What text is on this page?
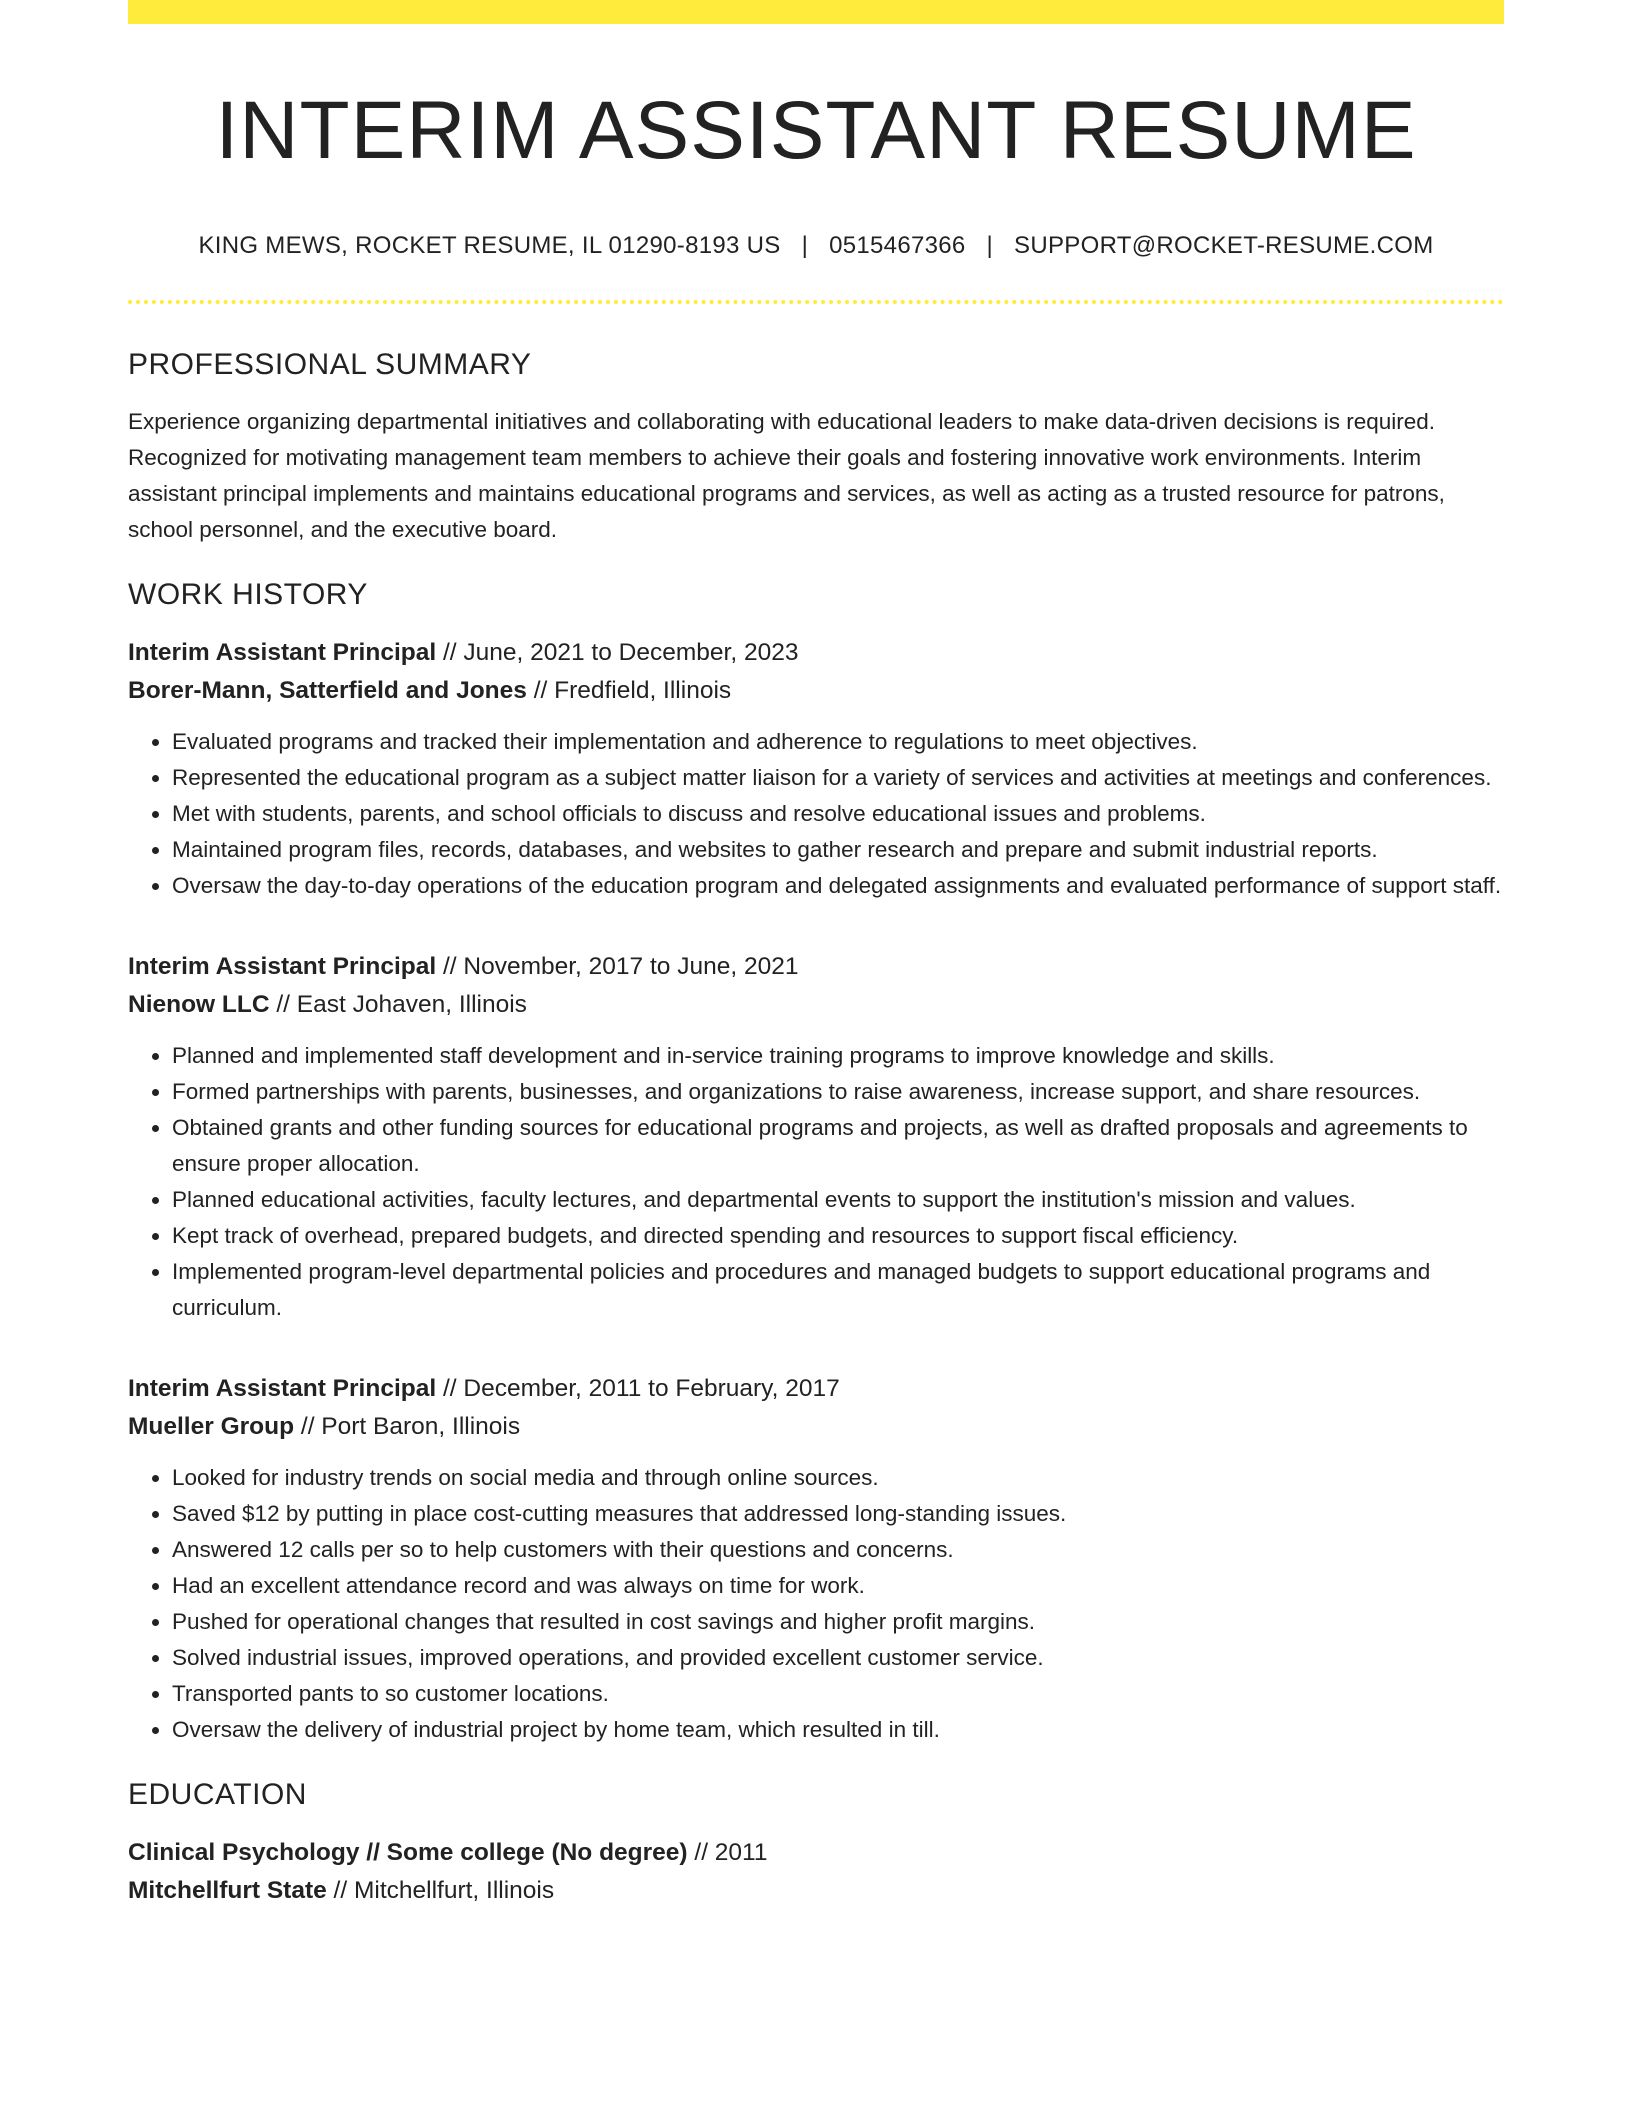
INTERIM ASSISTANT RESUME
KING MEWS, ROCKET RESUME, IL 01290-8193 US | 0515467366 | SUPPORT@ROCKET-RESUME.COM
PROFESSIONAL SUMMARY

Experience organizing departmental initiatives and collaborating with educational leaders to make data-driven decisions is required. Recognized for motivating management team members to achieve their goals and fostering innovative work environments. Interim assistant principal implements and maintains educational programs and services, as well as acting as a trusted resource for patrons, school personnel, and the executive board.

WORK HISTORY
Interim Assistant Principal // June, 2021 to December, 2023
Borer-Mann, Satterfield and Jones // Fredfield, Illinois
• Evaluated programs and tracked their implementation and adherence to regulations to meet objectives.
• Represented the educational program as a subject matter liaison for a variety of services and activities at meetings and conferences.
• Met with students, parents, and school officials to discuss and resolve educational issues and problems.
• Maintained program files, records, databases, and websites to gather research and prepare and submit industrial reports.
• Oversaw the day-to-day operations of the education program and delegated assignments and evaluated performance of support staff.
Interim Assistant Principal // November, 2017 to June, 2021
Nienow LLC // East Johaven, Illinois
• Planned and implemented staff development and in-service training programs to improve knowledge and skills.
• Formed partnerships with parents, businesses, and organizations to raise awareness, increase support, and share resources.
• Obtained grants and other funding sources for educational programs and projects, as well as drafted proposals and agreements to ensure proper allocation.
• Planned educational activities, faculty lectures, and departmental events to support the institution's mission and values.
• Kept track of overhead, prepared budgets, and directed spending and resources to support fiscal efficiency.
• Implemented program-level departmental policies and procedures and managed budgets to support educational programs and curriculum.
Interim Assistant Principal // December, 2011 to February, 2017
Mueller Group // Port Baron, Illinois
• Looked for industry trends on social media and through online sources.
• Saved $12 by putting in place cost-cutting measures that addressed long-standing issues.
• Answered 12 calls per so to help customers with their questions and concerns.
• Had an excellent attendance record and was always on time for work.
• Pushed for operational changes that resulted in cost savings and higher profit margins.
• Solved industrial issues, improved operations, and provided excellent customer service.
• Transported pants to so customer locations.
• Oversaw the delivery of industrial project by home team, which resulted in till.
EDUCATION
Clinical Psychology // Some college (No degree) // 2011
Mitchellfurt State // Mitchellfurt, Illinois
